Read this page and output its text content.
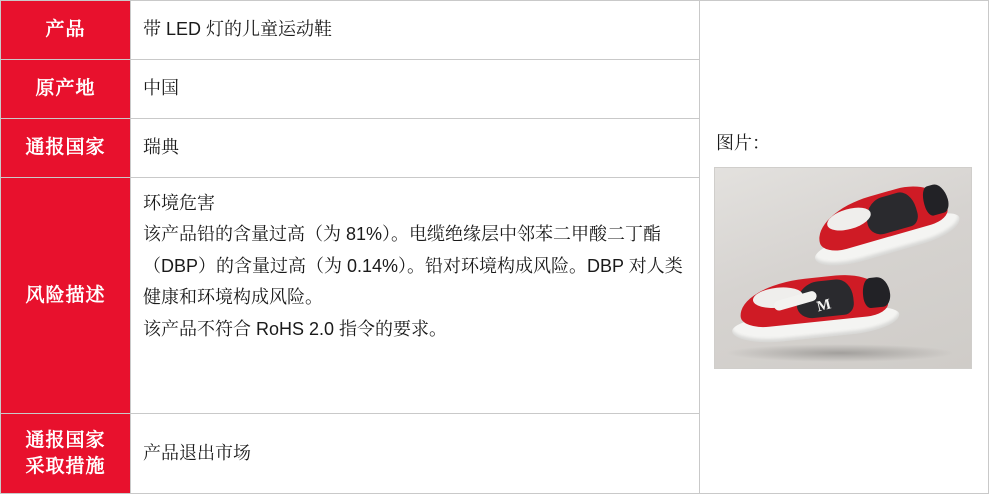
产品	带 LED 灯的儿童运动鞋
原产地	中国
通报国家	瑞典
风险描述	环境危害
该产品铅的含量过高（为 81%）。电缆绝缘层中邻苯二甲酸二丁酯（DBP）的含量过高（为 0.14%）。铅对环境构成风险。DBP 对人类健康和环境构成风险。
该产品不符合 RoHS 2.0 指令的要求。

通报国家
采取措施	产品退出市场
图片：
M
